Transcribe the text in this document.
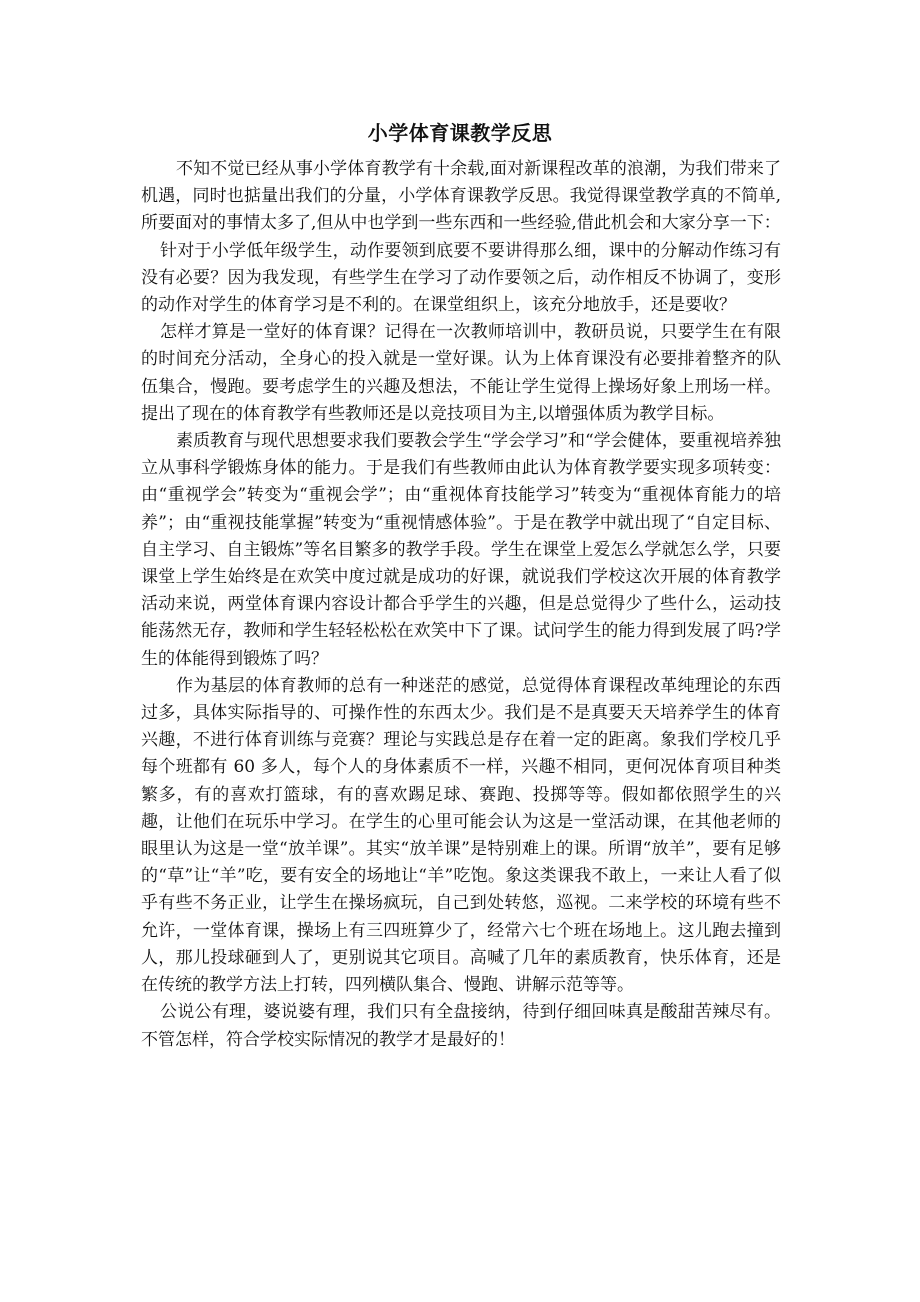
小学体育课教学反思

不知不觉已经从事小学体育教学有十余载,面对新课程改革的浪潮，为我们带来了机遇，同时也掂量出我们的分量，小学体育课教学反思。我觉得课堂教学真的不简单,所要面对的事情太多了,但从中也学到一些东西和一些经验,借此机会和大家分享一下：

针对于小学低年级学生，动作要领到底要不要讲得那么细，课中的分解动作练习有没有必要？因为我发现，有些学生在学习了动作要领之后，动作相反不协调了，变形的动作对学生的体育学习是不利的。在课堂组织上，该充分地放手，还是要收？

怎样才算是一堂好的体育课？记得在一次教师培训中，教研员说，只要学生在有限的时间充分活动，全身心的投入就是一堂好课。认为上体育课没有必要排着整齐的队伍集合，慢跑。要考虑学生的兴趣及想法，不能让学生觉得上操场好象上刑场一样。提出了现在的体育教学有些教师还是以竞技项目为主,以增强体质为教学目标。

素质教育与现代思想要求我们要教会学生“学会学习”和“学会健体，要重视培养独立从事科学锻炼身体的能力。于是我们有些教师由此认为体育教学要实现多项转变：由“重视学会”转变为“重视会学”；由“重视体育技能学习”转变为“重视体育能力的培养”；由“重视技能掌握”转变为“重视情感体验”。于是在教学中就出现了“自定目标、自主学习、自主锻炼”等名目繁多的教学手段。学生在课堂上爱怎么学就怎么学，只要课堂上学生始终是在欢笑中度过就是成功的好课，就说我们学校这次开展的体育教学活动来说，两堂体育课内容设计都合乎学生的兴趣，但是总觉得少了些什么，运动技能荡然无存，教师和学生轻轻松松在欢笑中下了课。试问学生的能力得到发展了吗?学生的体能得到锻炼了吗？

作为基层的体育教师的总有一种迷茫的感觉，总觉得体育课程改革纯理论的东西过多，具体实际指导的、可操作性的东西太少。我们是不是真要天天培养学生的体育兴趣，不进行体育训练与竞赛？理论与实践总是存在着一定的距离。象我们学校几乎每个班都有 60 多人，每个人的身体素质不一样，兴趣不相同，更何况体育项目种类繁多，有的喜欢打篮球，有的喜欢踢足球、赛跑、投掷等等。假如都依照学生的兴趣，让他们在玩乐中学习。在学生的心里可能会认为这是一堂活动课，在其他老师的眼里认为这是一堂“放羊课”。其实“放羊课”是特别难上的课。所谓“放羊”，要有足够的“草”让“羊”吃，要有安全的场地让“羊”吃饱。象这类课我不敢上，一来让人看了似乎有些不务正业，让学生在操场疯玩，自己到处转悠，巡视。二来学校的环境有些不允许，一堂体育课，操场上有三四班算少了，经常六七个班在场地上。这儿跑去撞到人，那儿投球砸到人了，更别说其它项目。高喊了几年的素质教育，快乐体育，还是在传统的教学方法上打转，四列横队集合、慢跑、讲解示范等等。

公说公有理，婆说婆有理，我们只有全盘接纳，待到仔细回味真是酸甜苦辣尽有。不管怎样，符合学校实际情况的教学才是最好的！
